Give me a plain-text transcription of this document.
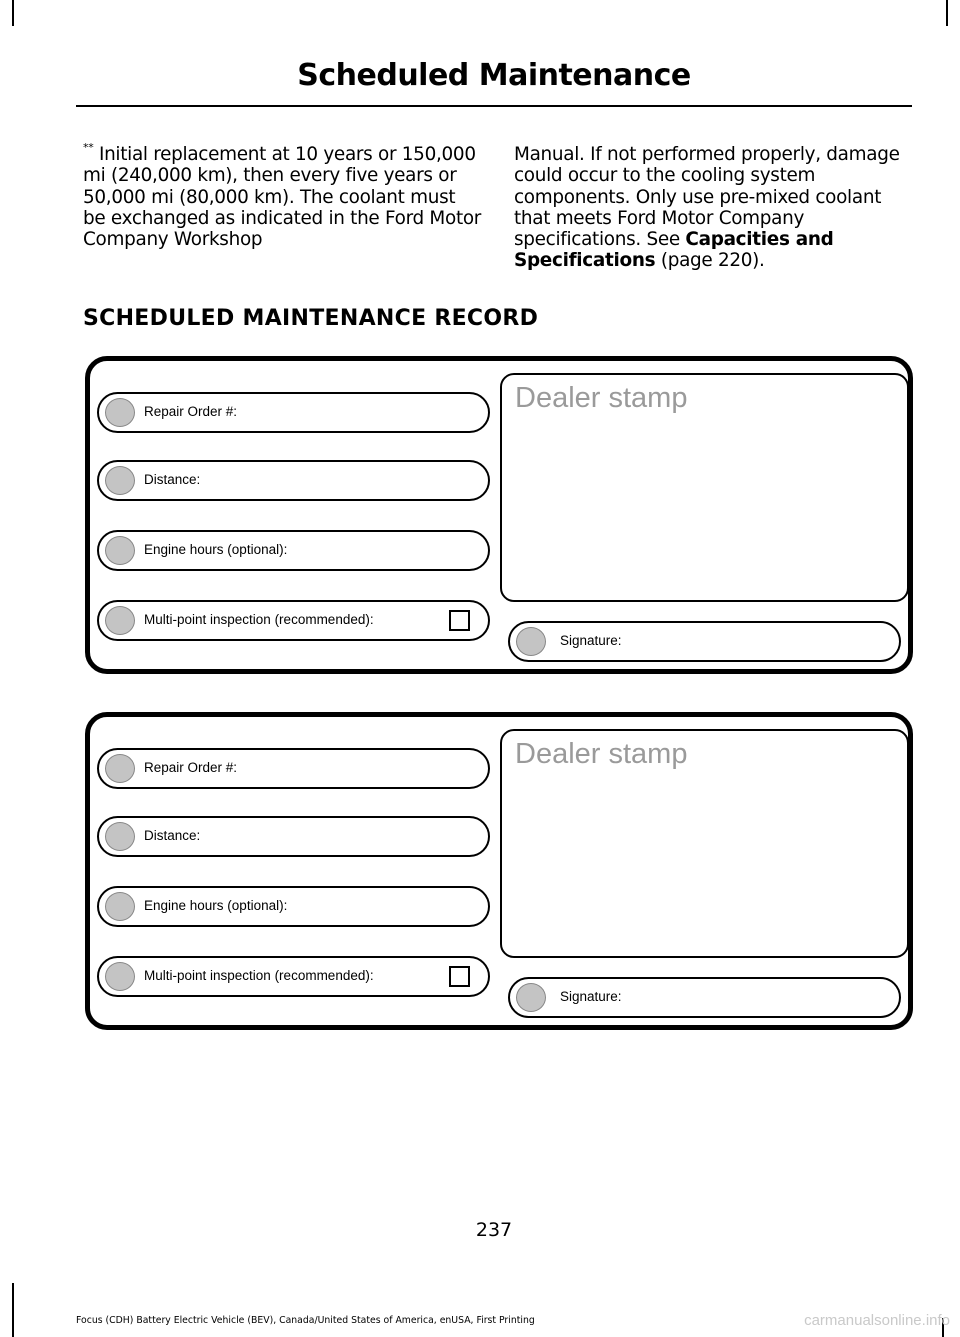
Scheduled Maintenance
** Initial replacement at 10 years or 150,000 mi (240,000 km), then every five years or 50,000 mi (80,000 km). The coolant must be exchanged as indicated in the Ford Motor Company Workshop
Manual. If not performed properly, damage could occur to the cooling system components. Only use pre-mixed coolant that meets Ford Motor Company specifications. See Capacities and Specifications (page 220).
SCHEDULED MAINTENANCE RECORD
Repair Order #:
Distance:
Engine hours (optional):
Multi-point inspection (recommended):
Dealer stamp
Signature:
Repair Order #:
Distance:
Engine hours (optional):
Multi-point inspection (recommended):
Dealer stamp
Signature:
237
Focus (CDH) Battery Electric Vehicle (BEV), Canada/United States of America, enUSA, First Printing	carmanualsonline.info
